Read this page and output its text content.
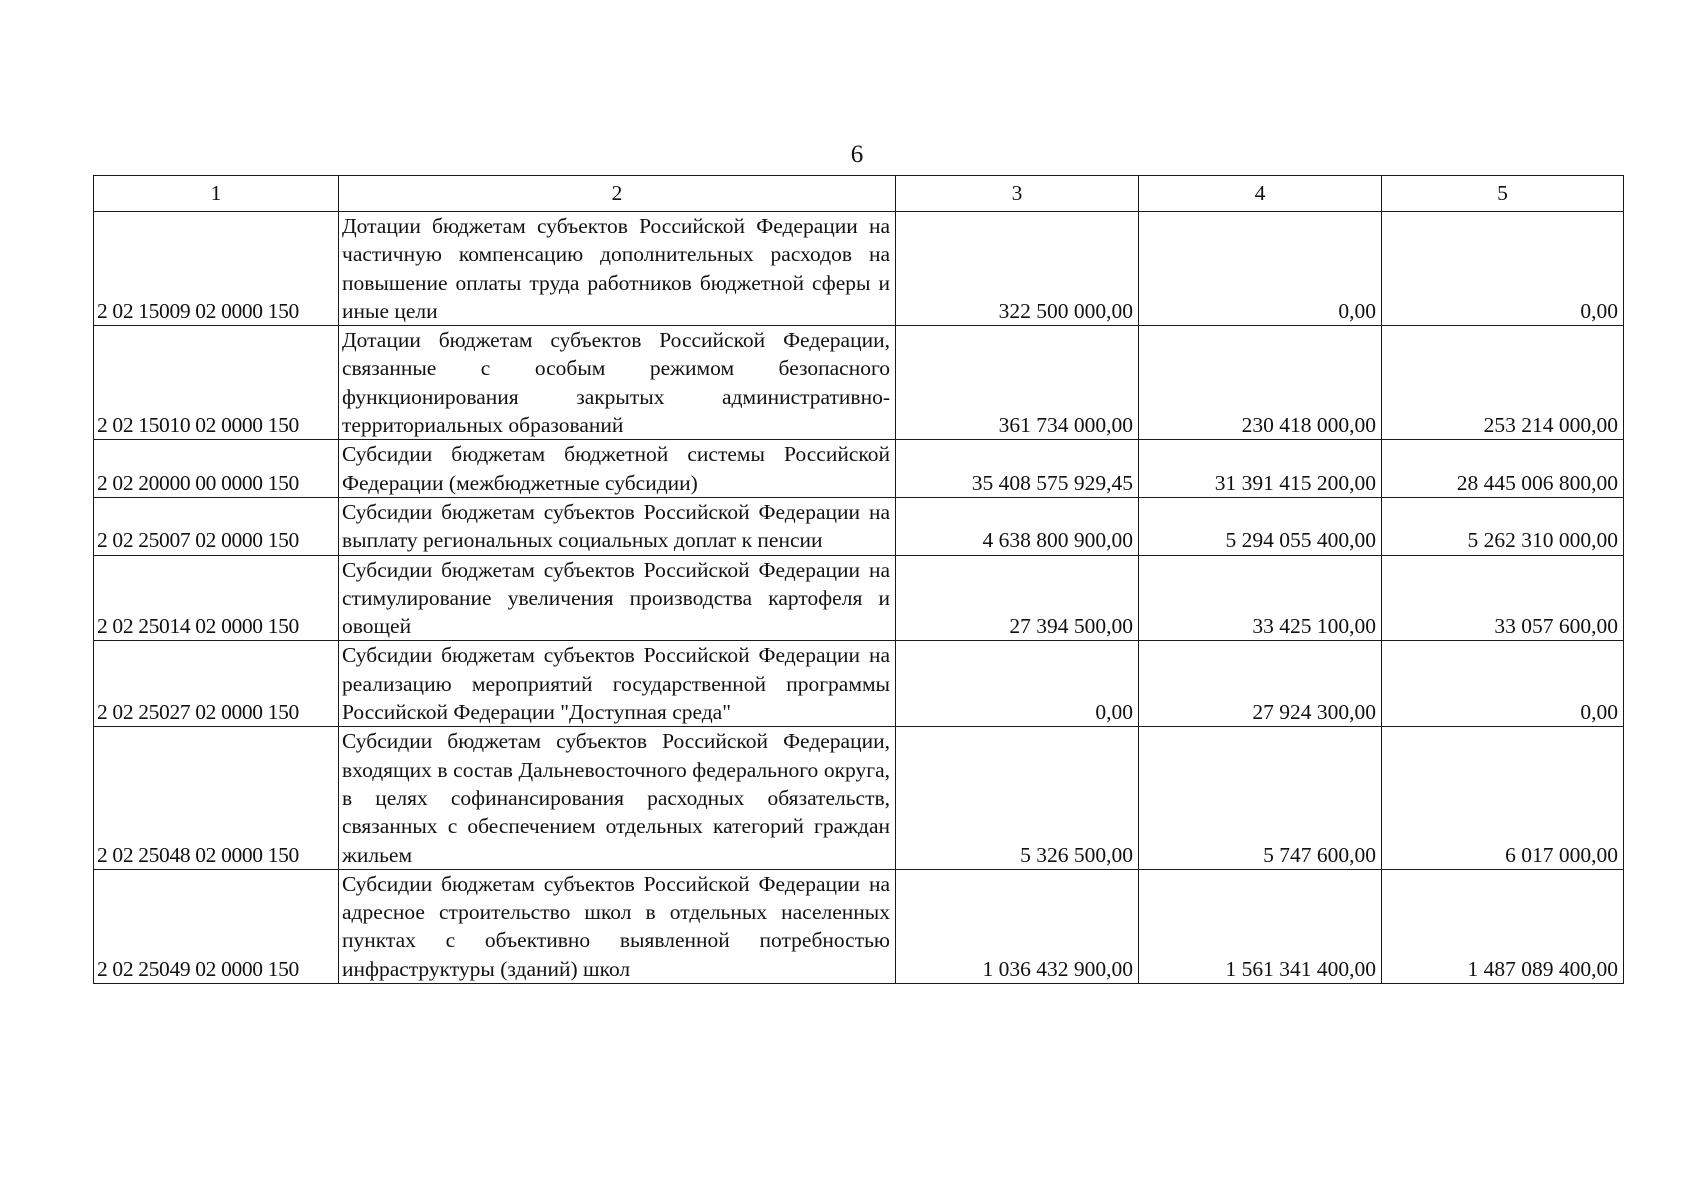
6
1	2	3	4	5
2 02 15009 02 0000 150	Дотации бюджетам субъектов Российской Федерации на частичную компенсацию дополнительных расходов на повышение оплаты труда работников бюджетной сферы и иные цели	322 500 000,00	0,00	0,00
2 02 15010 02 0000 150	Дотации бюджетам субъектов Российской Федерации, связанные с особым режимом безопасного функционирования закрытых административно-территориальных образований	361 734 000,00	230 418 000,00	253 214 000,00
2 02 20000 00 0000 150	Субсидии бюджетам бюджетной системы Российской Федерации (межбюджетные субсидии)	35 408 575 929,45	31 391 415 200,00	28 445 006 800,00
2 02 25007 02 0000 150	Субсидии бюджетам субъектов Российской Федерации на выплату региональных социальных доплат к пенсии	4 638 800 900,00	5 294 055 400,00	5 262 310 000,00
2 02 25014 02 0000 150	Субсидии бюджетам субъектов Российской Федерации на стимулирование увеличения производства картофеля и овощей	27 394 500,00	33 425 100,00	33 057 600,00
2 02 25027 02 0000 150	Субсидии бюджетам субъектов Российской Федерации на реализацию мероприятий государственной программы Российской Федерации "Доступная среда"	0,00	27 924 300,00	0,00
2 02 25048 02 0000 150	Субсидии бюджетам субъектов Российской Федерации, входящих в состав Дальневосточного федерального округа, в целях софинансирования расходных обязательств, связанных с обеспечением отдельных категорий граждан жильем	5 326 500,00	5 747 600,00	6 017 000,00
2 02 25049 02 0000 150	Субсидии бюджетам субъектов Российской Федерации на адресное строительство школ в отдельных населенных пунктах с объективно выявленной потребностью инфраструктуры (зданий) школ	1 036 432 900,00	1 561 341 400,00	1 487 089 400,00
